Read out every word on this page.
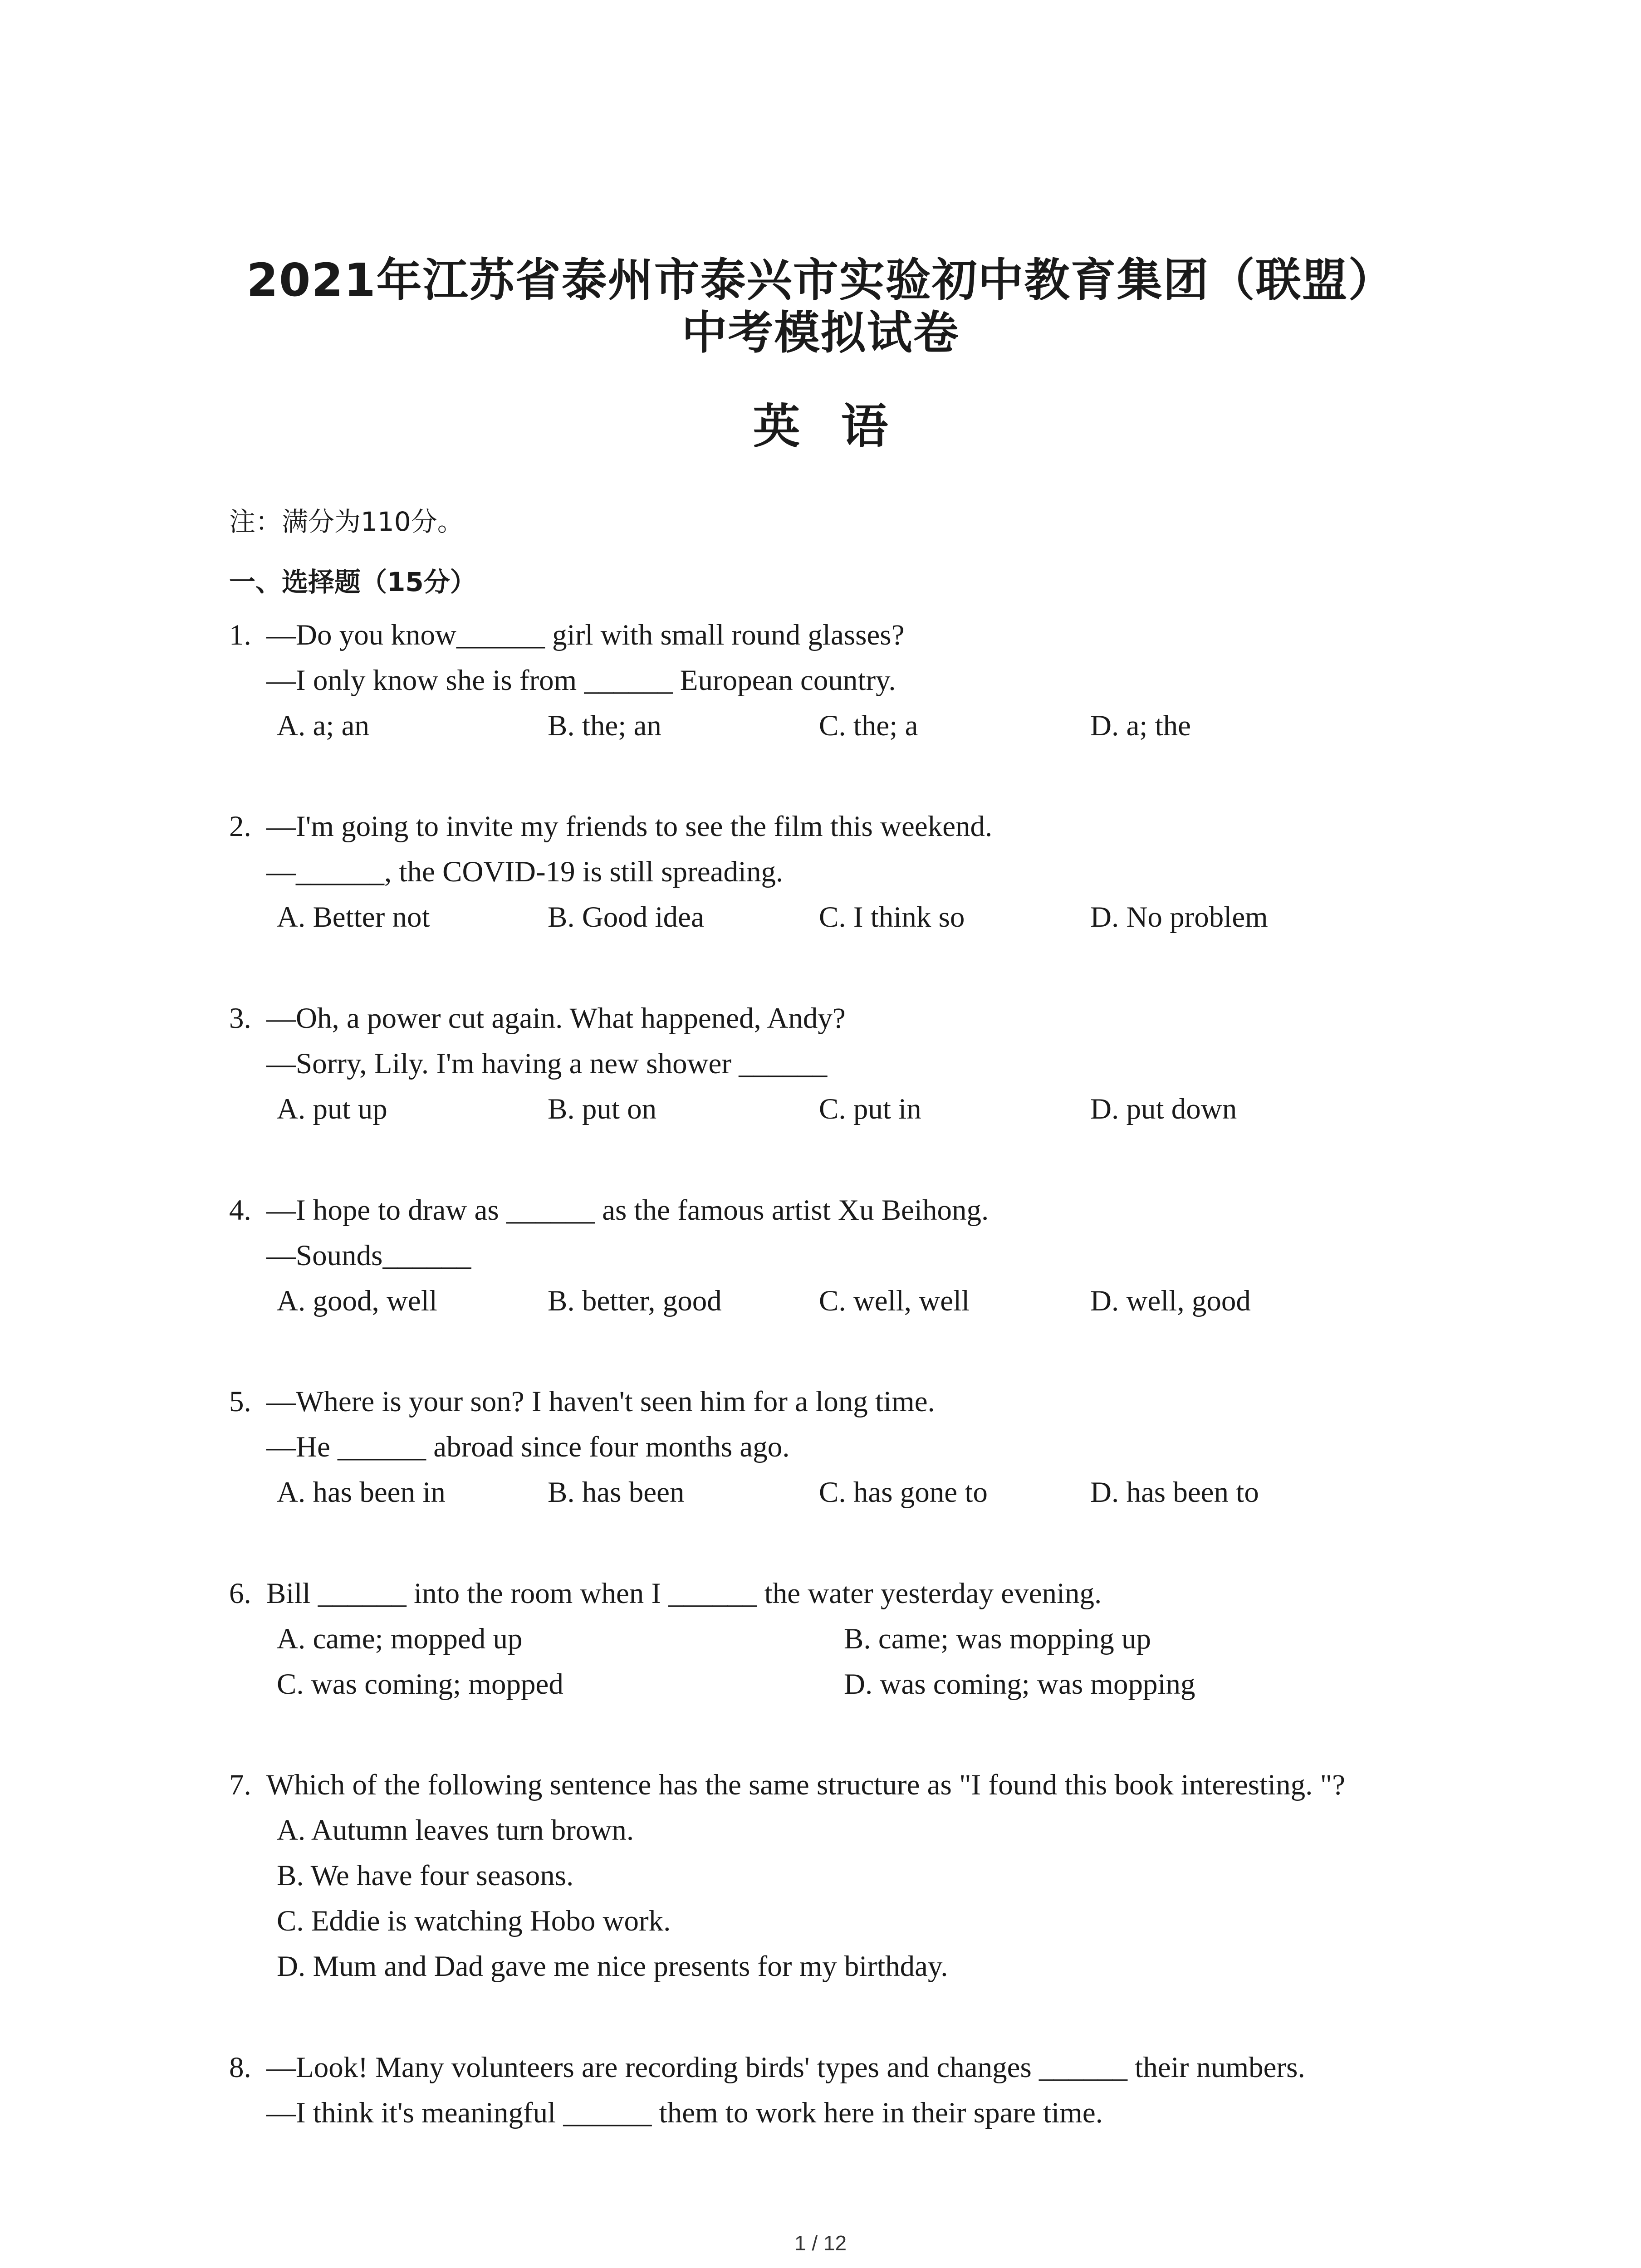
2021年江苏省泰州市泰兴市实验初中教育集团（联盟）
中考模拟试卷
英语
注：满分为110分。
一、选择题（15分）
1. —Do you know______ girl with small round glasses?
—I only know she is from ______ European country.
A. a; an	B. the; an	C. the; a	D. a; the
2. —I'm going to invite my friends to see the film this weekend.
—______, the COVID-19 is still spreading.
A. Better not	B. Good idea	C. I think so	D. No problem
3. —Oh, a power cut again. What happened, Andy?
—Sorry, Lily. I'm having a new shower ______
A. put up	B. put on	C. put in	D. put down
4. —I hope to draw as ______ as the famous artist Xu Beihong.
—Sounds______
A. good, well	B. better, good	C. well, well	D. well, good
5. —Where is your son? I haven't seen him for a long time.
—He ______ abroad since four months ago.
A. has been in	B. has been	C. has gone to	D. has been to
6. Bill ______ into the room when I ______ the water yesterday evening.
A. came; mopped up	B. came; was mopping up
C. was coming; mopped	D. was coming; was mopping
7. Which of the following sentence has the same structure as "I found this book interesting. "?
A. Autumn leaves turn brown.
B. We have four seasons.
C. Eddie is watching Hobo work.
D. Mum and Dad gave me nice presents for my birthday.
8. —Look! Many volunteers are recording birds' types and changes ______ their numbers.
—I think it's meaningful ______ them to work here in their spare time.
1 / 12
